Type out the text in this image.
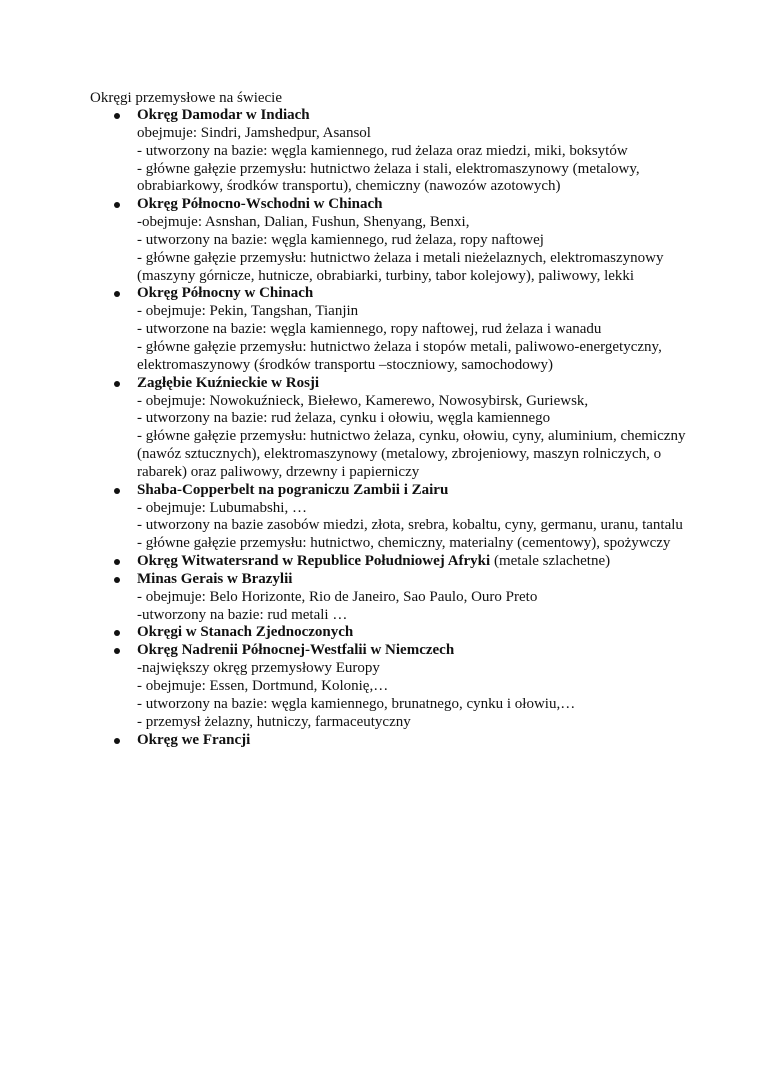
Okręgi przemysłowe na świecie

Okręg Damodar w Indiach
obejmuje: Sindri, Jamshedpur, Asansol
- utworzony na bazie: węgla kamiennego, rud żelaza oraz miedzi, miki, boksytów
- główne gałęzie przemysłu: hutnictwo żelaza i stali, elektromaszynowy (metalowy, obrabiarkowy, środków transportu), chemiczny (nawozów azotowych)
Okręg Północno-Wschodni w Chinach
-obejmuje: Asnshan, Dalian, Fushun, Shenyang, Benxi,
- utworzony na bazie: węgla kamiennego, rud żelaza, ropy naftowej
- główne gałęzie przemysłu: hutnictwo żelaza i metali nieżelaznych, elektromaszynowy (maszyny górnicze, hutnicze, obrabiarki, turbiny, tabor kolejowy), paliwowy, lekki
Okręg Północny w Chinach
- obejmuje: Pekin, Tangshan, Tianjin
- utworzone na bazie: węgla kamiennego, ropy naftowej, rud żelaza i wanadu
- główne gałęzie przemysłu: hutnictwo żelaza i stopów metali, paliwowo-energetyczny, elektromaszynowy (środków transportu –stoczniowy, samochodowy)
Zagłębie Kuźnieckie w Rosji
- obejmuje: Nowokuźnieck, Biełewo, Kamerewo, Nowosybirsk, Guriewsk,
- utworzony na bazie: rud żelaza, cynku i ołowiu, węgla kamiennego
- główne gałęzie przemysłu: hutnictwo żelaza, cynku, ołowiu, cyny, aluminium, chemiczny (nawóz sztucznych), elektromaszynowy (metalowy, zbrojeniowy, maszyn rolniczych, o rabarek) oraz paliwowy, drzewny i papierniczy
Shaba-Copperbelt na pograniczu Zambii i Zairu
- obejmuje: Lubumabshi, …
- utworzony na bazie zasobów miedzi, złota, srebra, kobaltu, cyny, germanu, uranu, tantalu
- główne gałęzie przemysłu: hutnictwo, chemiczny, materialny (cementowy), spożywczy
Okręg Witwatersrand w Republice Południowej Afryki (metale szlachetne)
Minas Gerais w Brazylii
- obejmuje: Belo Horizonte, Rio de Janeiro, Sao Paulo, Ouro Preto
-utworzony na bazie: rud metali …
Okręgi w Stanach Zjednoczonych
Okręg Nadrenii Północnej-Westfalii w Niemczech
-największy okręg przemysłowy Europy
- obejmuje: Essen, Dortmund, Kolonię,…
- utworzony na bazie: węgla kamiennego, brunatnego, cynku i ołowiu,…
- przemysł żelazny, hutniczy, farmaceutyczny
Okręg we Francji
